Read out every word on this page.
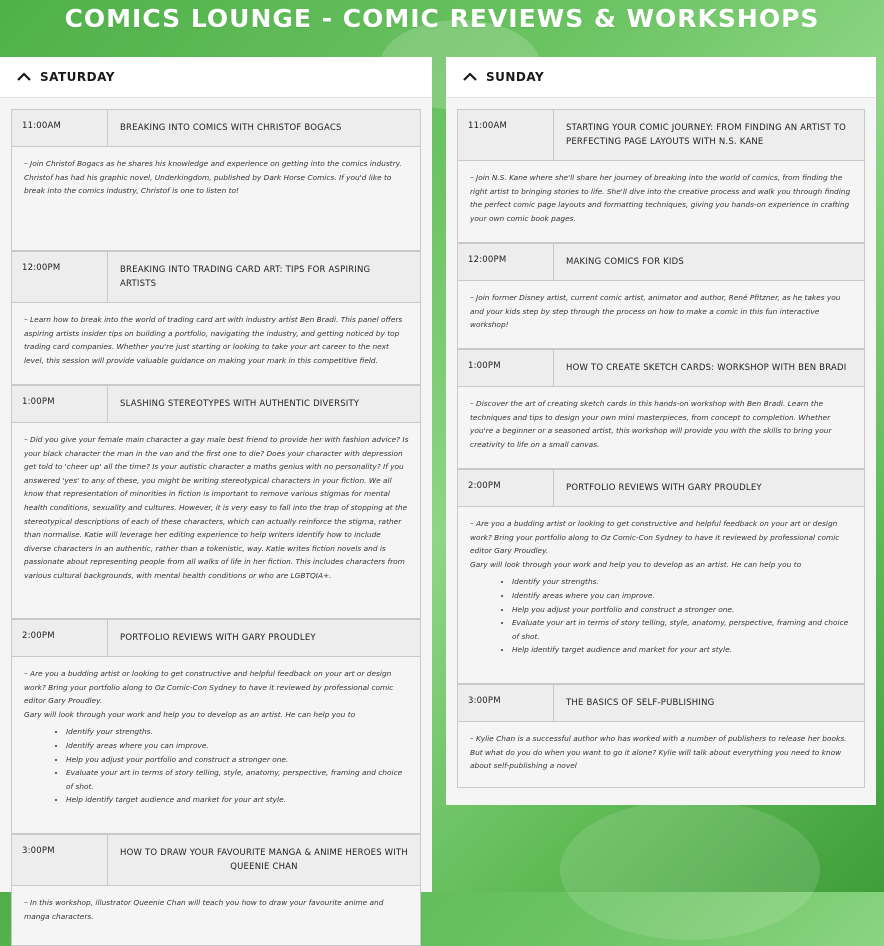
COMICS LOUNGE - COMIC REVIEWS & WORKSHOPS
SATURDAY
11:00AM	BREAKING INTO COMICS WITH CHRISTOF BOGACS

– Join Christof Bogacs as he shares his knowledge and experience on getting into the comics industry. Christof has had his graphic novel, Underkingdom, published by Dark Horse Comics. If you'd like to break into the comics industry, Christof is one to listen to!

12:00PM	BREAKING INTO TRADING CARD ART: TIPS FOR ASPIRING ARTISTS

– Learn how to break into the world of trading card art with industry artist Ben Bradi. This panel offers aspiring artists insider tips on building a portfolio, navigating the industry, and getting noticed by top trading card companies. Whether you're just starting or looking to take your art career to the next level, this session will provide valuable guidance on making your mark in this competitive field.

1:00PM	SLASHING STEREOTYPES WITH AUTHENTIC DIVERSITY

– Did you give your female main character a gay male best friend to provide her with fashion advice? Is your black character the man in the van and the first one to die? Does your character with depression get told to 'cheer up' all the time? Is your autistic character a maths genius with no personality? If you answered 'yes' to any of these, you might be writing stereotypical characters in your fiction. We all know that representation of minorities in fiction is important to remove various stigmas for mental health conditions, sexuality and cultures. However, it is very easy to fall into the trap of stopping at the stereotypical descriptions of each of these characters, which can actually reinforce the stigma, rather than normalise. Katie will leverage her editing experience to help writers identify how to include diverse characters in an authentic, rather than a tokenistic, way. Katie writes fiction novels and is passionate about representing people from all walks of life in her fiction. This includes characters from various cultural backgrounds, with mental health conditions or who are LGBTQIA+.

2:00PM	PORTFOLIO REVIEWS WITH GARY PROUDLEY

– Are you a budding artist or looking to get constructive and helpful feedback on your art or design work? Bring your portfolio along to Oz Comic-Con Sydney to have it reviewed by professional comic editor Gary Proudley.

Gary will look through your work and help you to develop as an artist. He can help you to

• Identify your strengths.
• Identify areas where you can improve.
• Help you adjust your portfolio and construct a stronger one.
• Evaluate your art in terms of story telling, style, anatomy, perspective, framing and choice of shot.
• Help identify target audience and market for your art style.
3:00PM	HOW TO DRAW YOUR FAVOURITE MANGA & ANIME HEROES WITH QUEENIE CHAN

– In this workshop, illustrator Queenie Chan will teach you how to draw your favourite anime and manga characters.

SUNDAY
11:00AM	STARTING YOUR COMIC JOURNEY: FROM FINDING AN ARTIST TO PERFECTING PAGE LAYOUTS WITH N.S. KANE

– Join N.S. Kane where she'll share her journey of breaking into the world of comics, from finding the right artist to bringing stories to life. She'll dive into the creative process and walk you through finding the perfect comic page layouts and formatting techniques, giving you hands-on experience in crafting your own comic book pages.

12:00PM	MAKING COMICS FOR KIDS

– Join former Disney artist, current comic artist, animator and author, René Pfitzner, as he takes you and your kids step by step through the process on how to make a comic in this fun interactive workshop!

1:00PM	HOW TO CREATE SKETCH CARDS: WORKSHOP WITH BEN BRADI

– Discover the art of creating sketch cards in this hands-on workshop with Ben Bradi. Learn the techniques and tips to design your own mini masterpieces, from concept to completion. Whether you're a beginner or a seasoned artist, this workshop will provide you with the skills to bring your creativity to life on a small canvas.

2:00PM	PORTFOLIO REVIEWS WITH GARY PROUDLEY

– Are you a budding artist or looking to get constructive and helpful feedback on your art or design work? Bring your portfolio along to Oz Comic-Con Sydney to have it reviewed by professional comic editor Gary Proudley.

Gary will look through your work and help you to develop as an artist. He can help you to

• Identify your strengths.
• Identify areas where you can improve.
• Help you adjust your portfolio and construct a stronger one.
• Evaluate your art in terms of story telling, style, anatomy, perspective, framing and choice of shot.
• Help identify target audience and market for your art style.
3:00PM	THE BASICS OF SELF-PUBLISHING

– Kylie Chan is a successful author who has worked with a number of publishers to release her books. But what do you do when you want to go it alone? Kylie will talk about everything you need to know about self-publishing a novel
